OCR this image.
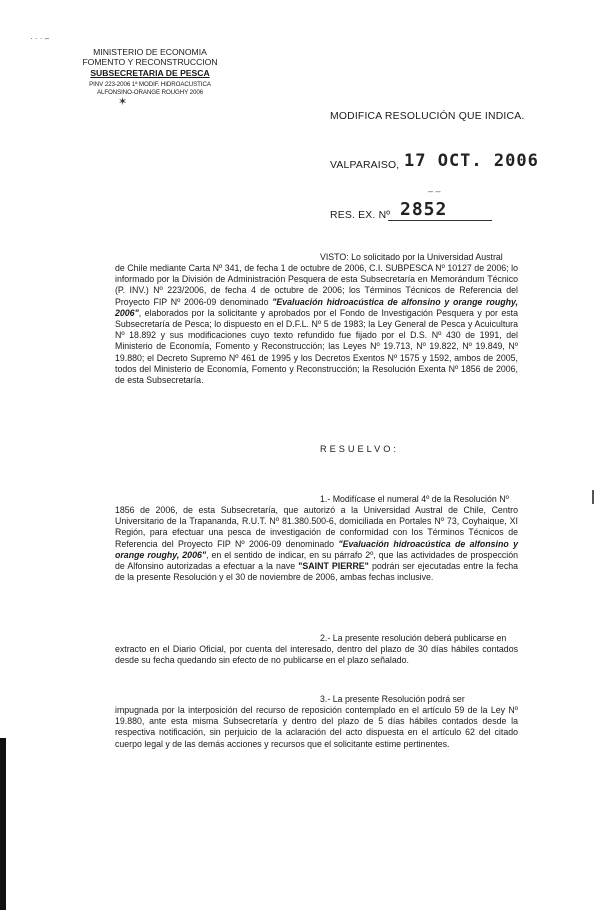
· · · –
MINISTERIO DE ECONOMIA
FOMENTO Y RECONSTRUCCION
SUBSECRETARIA DE PESCA
PINV 223-2006 1ª MODIF. HIDROACUSTICA
ALFONSINO-ORANGE ROUGHY 2006
✶
MODIFICA RESOLUCIÓN QUE INDICA.
VALPARAISO, 17 OCT. 2006
– –
RES. EX. Nº 2852
VISTO: Lo solicitado por la Universidad Austral
de Chile mediante Carta Nº 341, de fecha 1 de octubre de 2006, C.I. SUBPESCA Nº 10127 de 2006; lo informado por la División de Administración Pesquera de esta Subsecretaría en Memorándum Técnico (P. INV.) Nº 223/2006, de fecha 4 de octubre de 2006; los Términos Técnicos de Referencia del Proyecto FIP Nº 2006-09 denominado "Evaluación hidroacústica de alfonsino y orange roughy, 2006", elaborados por la solicitante y aprobados por el Fondo de Investigación Pesquera y por esta Subsecretaría de Pesca; lo dispuesto en el D.F.L. Nº 5 de 1983; la Ley General de Pesca y Acuicultura Nº 18.892 y sus modificaciones cuyo texto refundido fue fijado por el D.S. Nº 430 de 1991, del Ministerio de Economía, Fomento y Reconstrucción; las Leyes Nº 19.713, Nº 19.822, Nº 19.849, Nº 19.880; el Decreto Supremo Nº 461 de 1995 y los Decretos Exentos Nº 1575 y 1592, ambos de 2005, todos del Ministerio de Economía, Fomento y Reconstrucción; la Resolución Exenta Nº 1856 de 2006, de esta Subsecretaría.
RESUELVO:
1.- Modifícase el numeral 4º de la Resolución Nº
1856 de 2006, de esta Subsecretaría, que autorizó a la Universidad Austral de Chile, Centro Universitario de la Trapananda, R.U.T. Nº 81.380.500-6, domiciliada en Portales Nº 73, Coyhaique, XI Región, para efectuar una pesca de investigación de conformidad con los Términos Técnicos de Referencia del Proyecto FIP Nº 2006-09 denominado "Evaluación hidroacústica de alfonsino y orange roughy, 2006", en el sentido de indicar, en su párrafo 2º, que las actividades de prospección de Alfonsino autorizadas a efectuar a la nave "SAINT PIERRE" podrán ser ejecutadas entre la fecha de la presente Resolución y el 30 de noviembre de 2006, ambas fechas inclusive.
2.- La presente resolución deberá publicarse en
extracto en el Diario Oficial, por cuenta del interesado, dentro del plazo de 30 días hábiles contados desde su fecha quedando sin efecto de no publicarse en el plazo señalado.
3.- La presente Resolución podrá ser
impugnada por la interposición del recurso de reposición contemplado en el artículo 59 de la Ley Nº 19.880, ante esta misma Subsecretaría y dentro del plazo de 5 días hábiles contados desde la respectiva notificación, sin perjuicio de la aclaración del acto dispuesta en el artículo 62 del citado cuerpo legal y de las demás acciones y recursos que el solicitante estime pertinentes.
